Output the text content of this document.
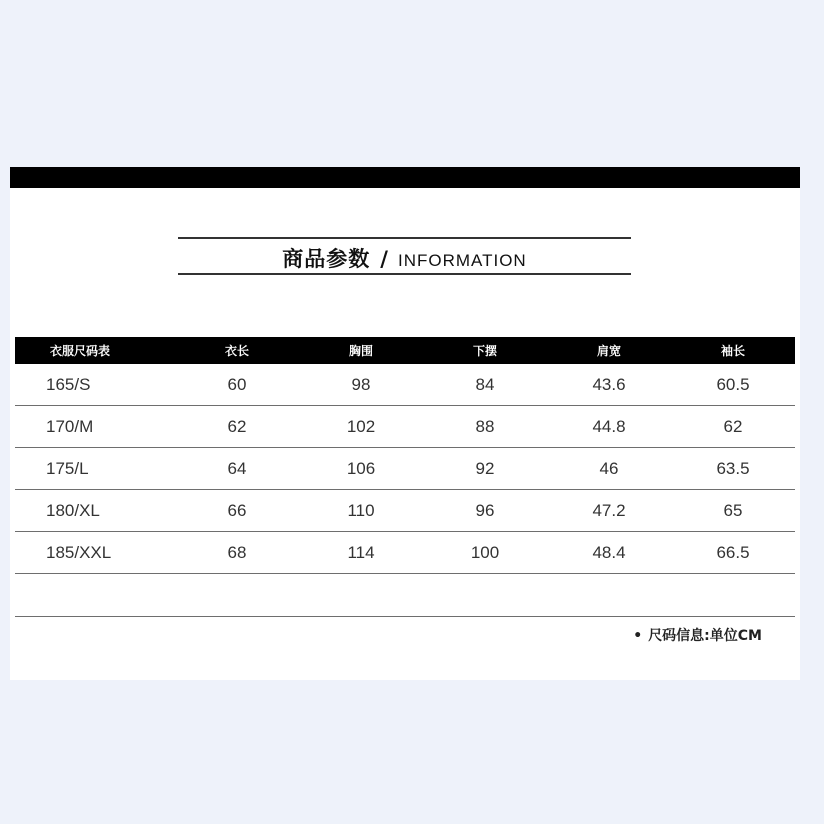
商品参数 / INFORMATION
衣服尺码表	衣长	胸围	下摆	肩宽	袖长
165/S	60	98	84	43.6	60.5
170/M	62	102	88	44.8	62
175/L	64	106	92	46	63.5
180/XL	66	110	96	47.2	65
185/XXL	68	114	100	48.4	66.5

• 尺码信息:单位CM
